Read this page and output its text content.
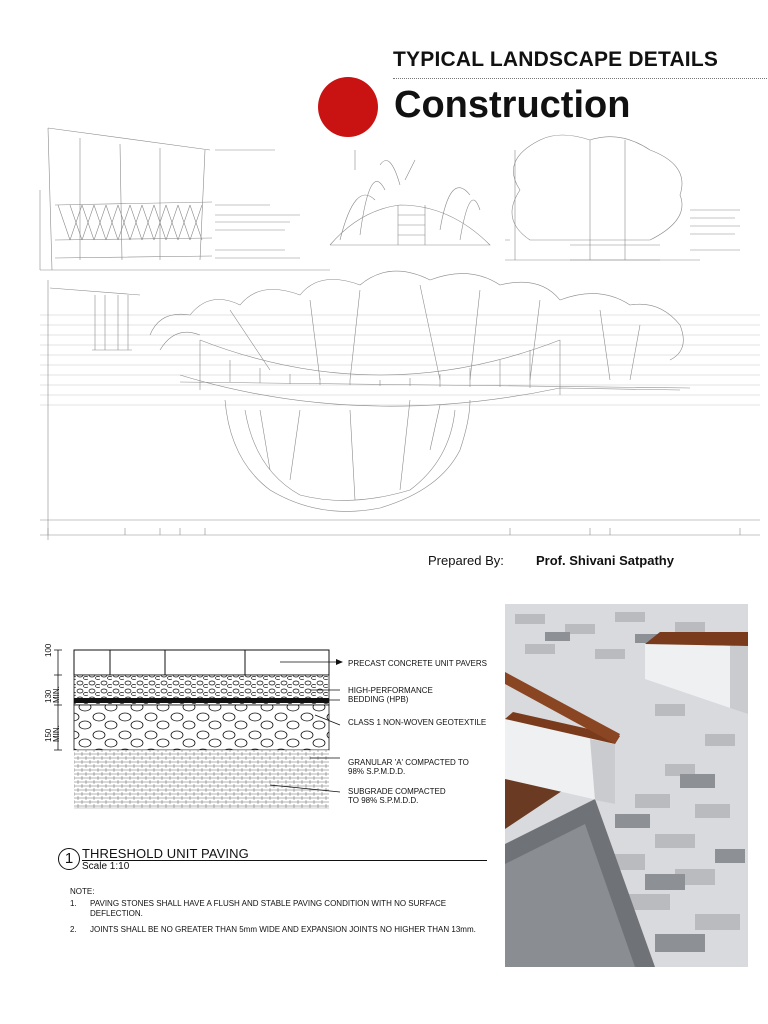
TYPICAL LANDSCAPE DETAILS
Construction
Prepared By: Prof. Shivani Satpathy
100
130 MIN.
150 MIN.
PRECAST CONCRETE UNIT PAVERS
HIGH-PERFORMANCE
BEDDING (HPB)
CLASS 1 NON-WOVEN GEOTEXTILE
GRANULAR 'A' COMPACTED TO
98% S.P.M.D.D.
SUBGRADE COMPACTED
TO 98% S.P.M.D.D.
1 THRESHOLD UNIT PAVING
Scale 1:10
NOTE:
1.	PAVING STONES SHALL HAVE A FLUSH AND STABLE PAVING CONDITION WITH NO SURFACE DEFLECTION.
2.	JOINTS SHALL BE NO GREATER THAN 5mm WIDE AND EXPANSION JOINTS NO HIGHER THAN 13mm.
